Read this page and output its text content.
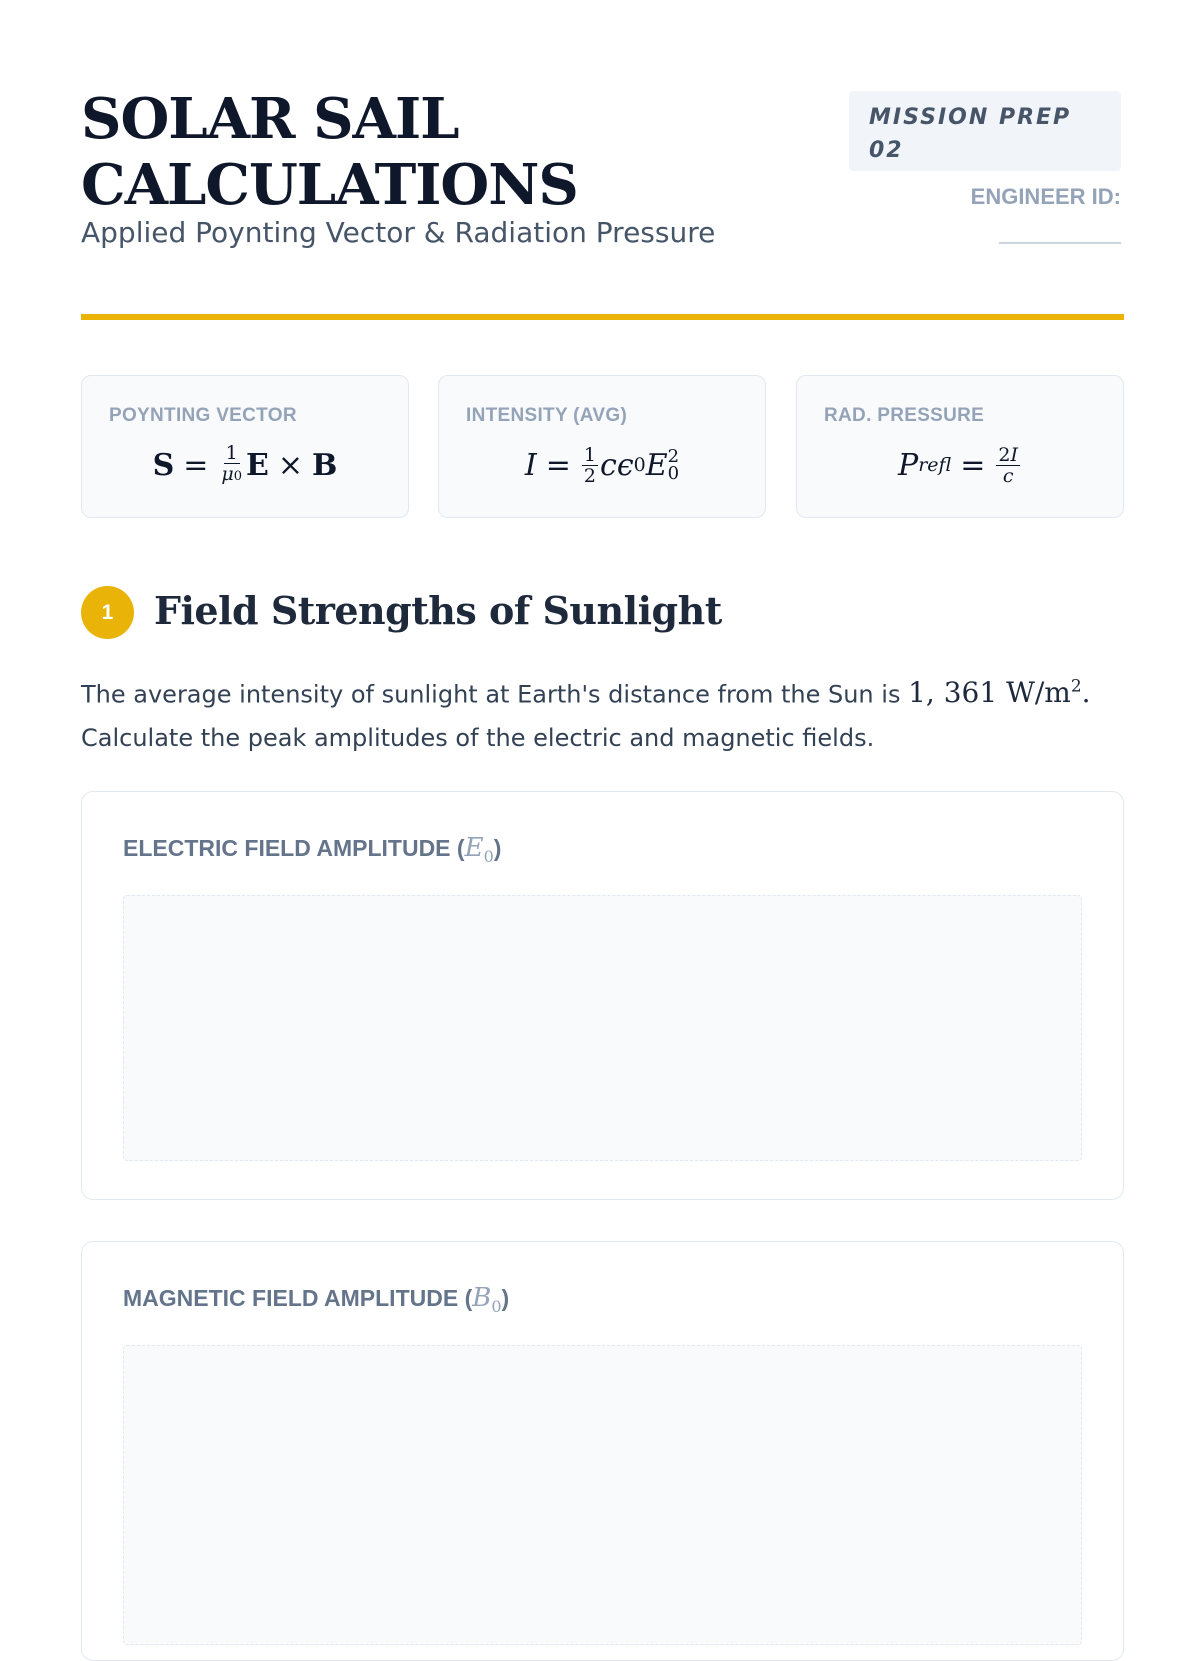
SOLAR SAIL
CALCULATIONS
Applied Poynting Vector & Radiation Pressure
MISSION PREP
02
ENGINEER ID:
POYNTING VECTOR
$S = \frac{1}{\mu 0}$ E × B
INTENSITY (AVG)
$I = \frac{1}{2}$ cϵ 0 E 2
0
RAD. PRESSURE
P refl = $\frac{2I}{c}$
1	Field Strengths of Sunlight
The average intensity of sunlight at Earth's distance from the Sun is 1, 361 $W/m^2$.
Calculate the peak amplitudes of the electric and magnetic fields.
ELECTRIC FIELD AMPLITUDE $(E_0)$
MAGNETIC FIELD AMPLITUDE $(B_0)$
